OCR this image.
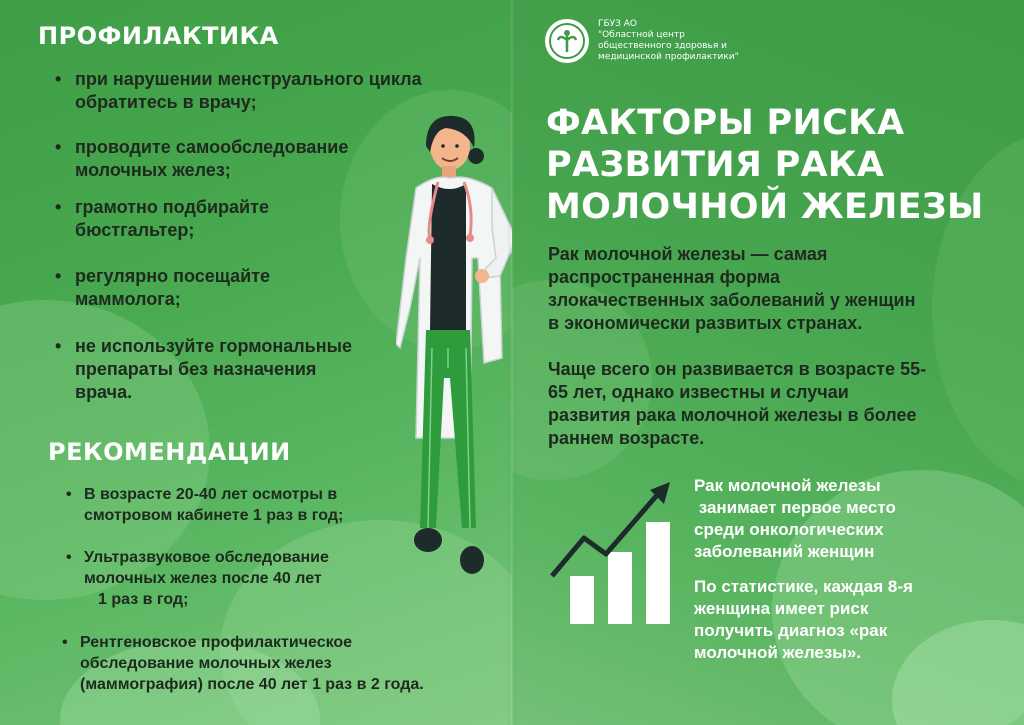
ПРОФИЛАКТИКА
• при нарушении менструального цикла
обратитесь в врачу;
• проводите самообследование
молочных желез;
• грамотно подбирайте
бюстгальтер;
• регулярно посещайте
маммолога;
• не используйте гормональные
препараты без назначения
врача.
РЕКОМЕНДАЦИИ
• В возрасте 20-40 лет осмотры в
смотровом кабинете 1 раз в год;
• Ультразвуковое обследование
молочных желез после 40 лет
1 раз в год;
• Рентгеновское профилактическое
обследование молочных желез
(маммография) после 40 лет 1 раз в 2 года.
ГБУЗ АО
"Областной центр
общественного здоровья и
медицинской профилактики"
ФАКТОРЫ РИСКА
РАЗВИТИЯ РАКА
МОЛОЧНОЙ ЖЕЛЕЗЫ
Рак молочной железы — самая
распространенная форма
злокачественных заболеваний у женщин
в экономически развитых странах.
Чаще всего он развивается в возрасте 55-
65 лет, однако известны и случаи
развития рака молочной железы в более
раннем возрасте.
Рак молочной железы
занимает первое место
среди онкологических
заболеваний женщин
По статистике, каждая 8-я
женщина имеет риск
получить диагноз «рак
молочной железы».
